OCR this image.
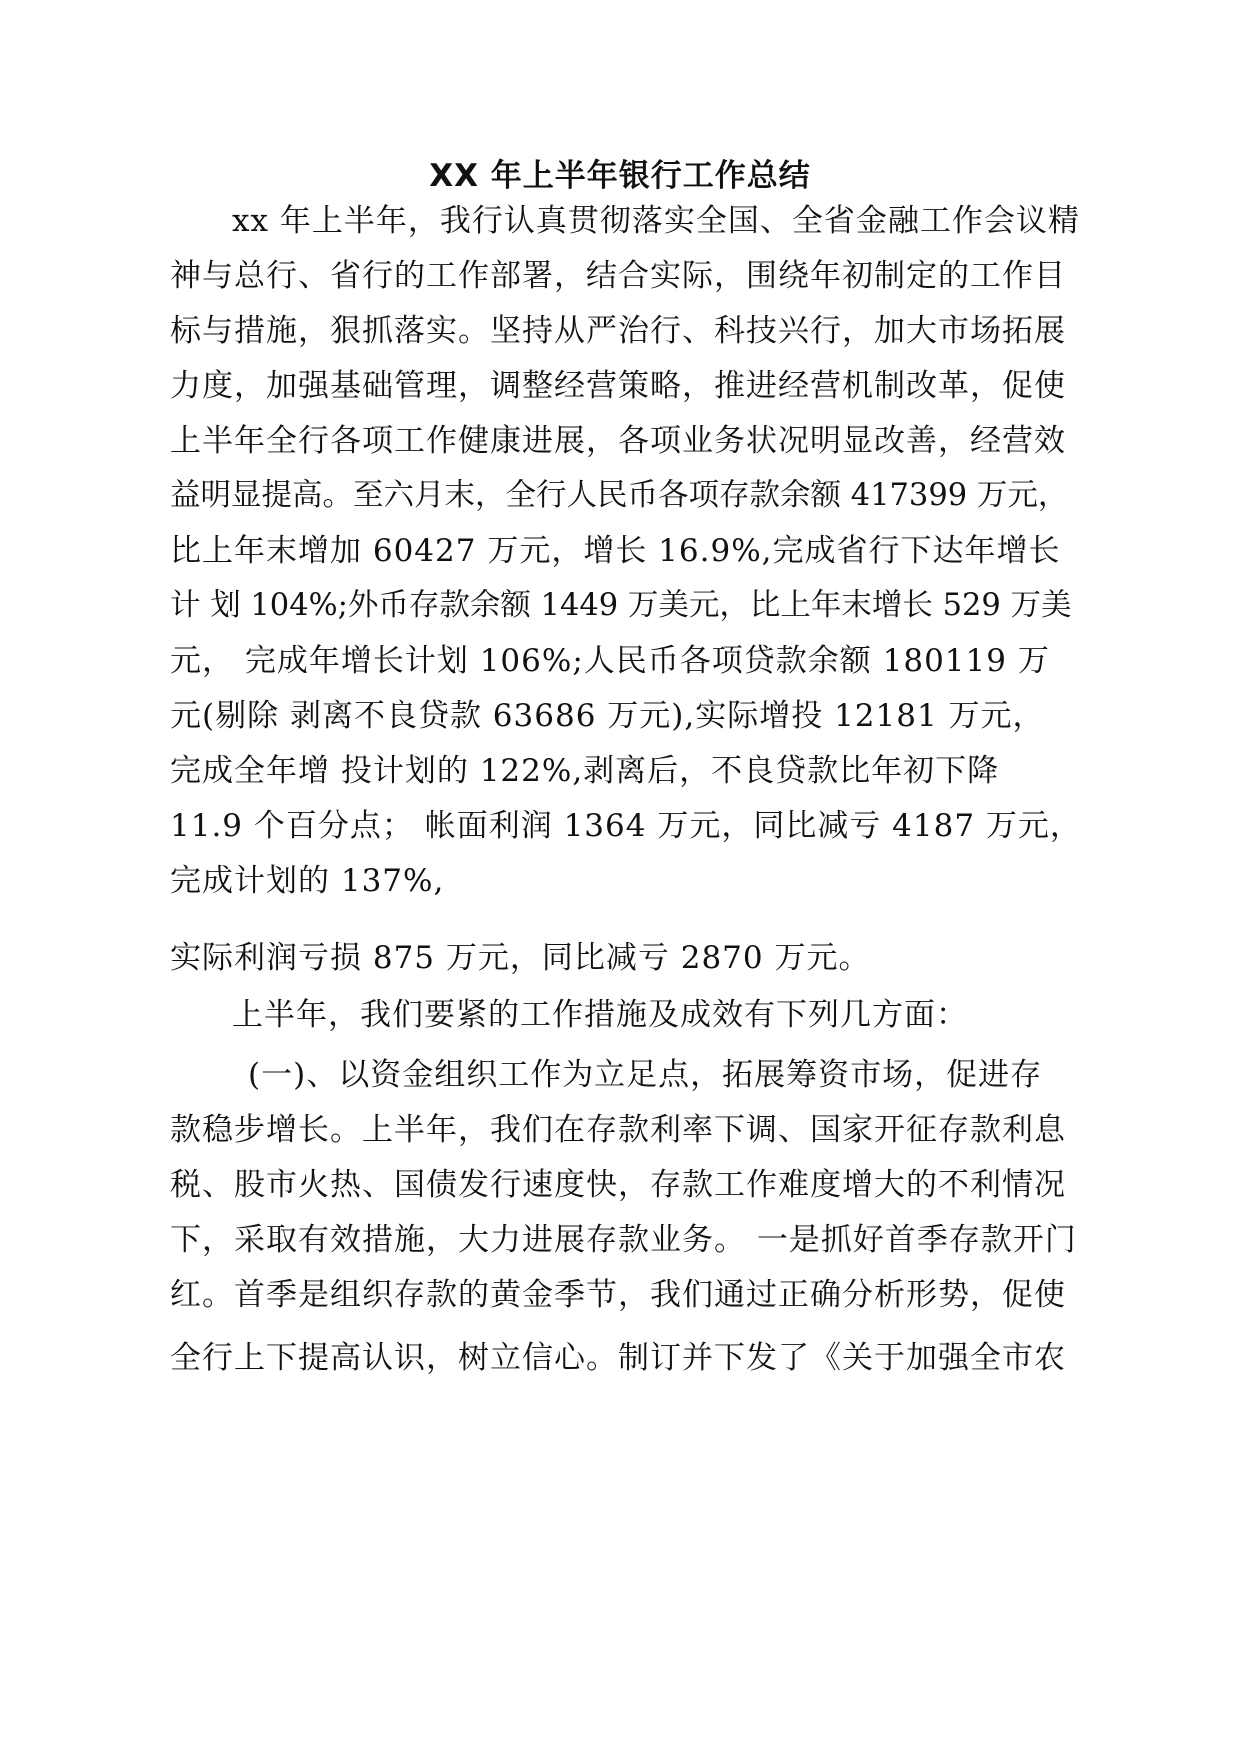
XX 年上半年银行工作总结
xx 年上半年，我行认真贯彻落实全国、全省金融工作会议精
神与总行、省行的工作部署，结合实际，围绕年初制定的工作目
标与措施，狠抓落实。坚持从严治行、科技兴行，加大市场拓展
力度，加强基础管理，调整经营策略，推进经营机制改革，促使
上半年全行各项工作健康进展，各项业务状况明显改善，经营效
益明显提高。至六月末，全行人民币各项存款余额 417399 万元，
比上年末增加 60427 万元，增长 16.9%,完成省行下达年增长
计 划 104%;外币存款余额 1449 万美元，比上年末增长 529 万美
元， 完成年增长计划 106%;人民币各项贷款余额 180119 万
元(剔除 剥离不良贷款 63686 万元),实际增投 12181 万元，
完成全年增 投计划的 122%,剥离后，不良贷款比年初下降
11.9 个百分点； 帐面利润 1364 万元，同比减亏 4187 万元，
完成计划的 137%,
实际利润亏损 875 万元，同比减亏 2870 万元。
上半年，我们要紧的工作措施及成效有下列几方面：
(一)、以资金组织工作为立足点，拓展筹资市场，促进存
款稳步增长。上半年，我们在存款利率下调、国家开征存款利息
税、股市火热、国债发行速度快，存款工作难度增大的不利情况
下，采取有效措施，大力进展存款业务。 一是抓好首季存款开门
红。首季是组织存款的黄金季节，我们通过正确分析形势，促使
全行上下提高认识，树立信心。制订并下发了《关于加强全市农
